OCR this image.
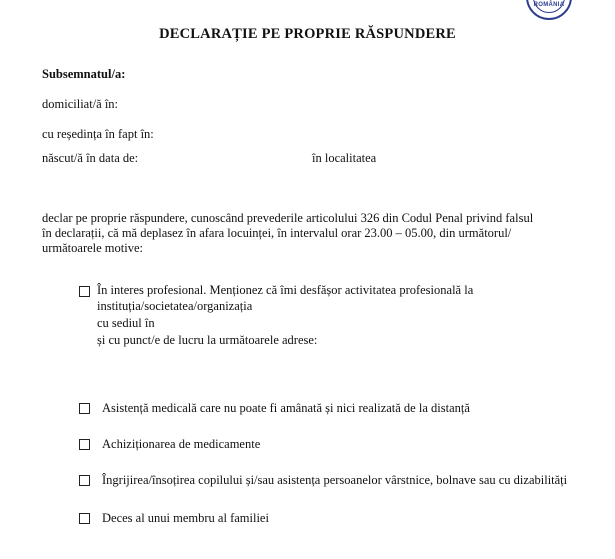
ROMÂNIA
DECLARAȚIE PE PROPRIE RĂSPUNDERE
Subsemnatul/a:
domiciliat/ă în:
cu reședința în fapt în:
născut/ă în data de:	în localitatea
declar pe proprie răspundere, cunoscând prevederile articolului 326 din Codul Penal privind falsul
în declarații, că mă deplasez în afara locuinței, în intervalul orar 23.00 – 05.00, din următorul/
următoarele motive:
În interes profesional. Menționez că îmi desfășor activitatea profesională la
instituția/societatea/organizația
cu sediul în
și cu punct/e de lucru la următoarele adrese:
Asistență medicală care nu poate fi amânată și nici realizată de la distanță
Achiziționarea de medicamente
Îngrijirea/însoțirea copilului și/sau asistența persoanelor vârstnice, bolnave sau cu dizabilități
Deces al unui membru al familiei
